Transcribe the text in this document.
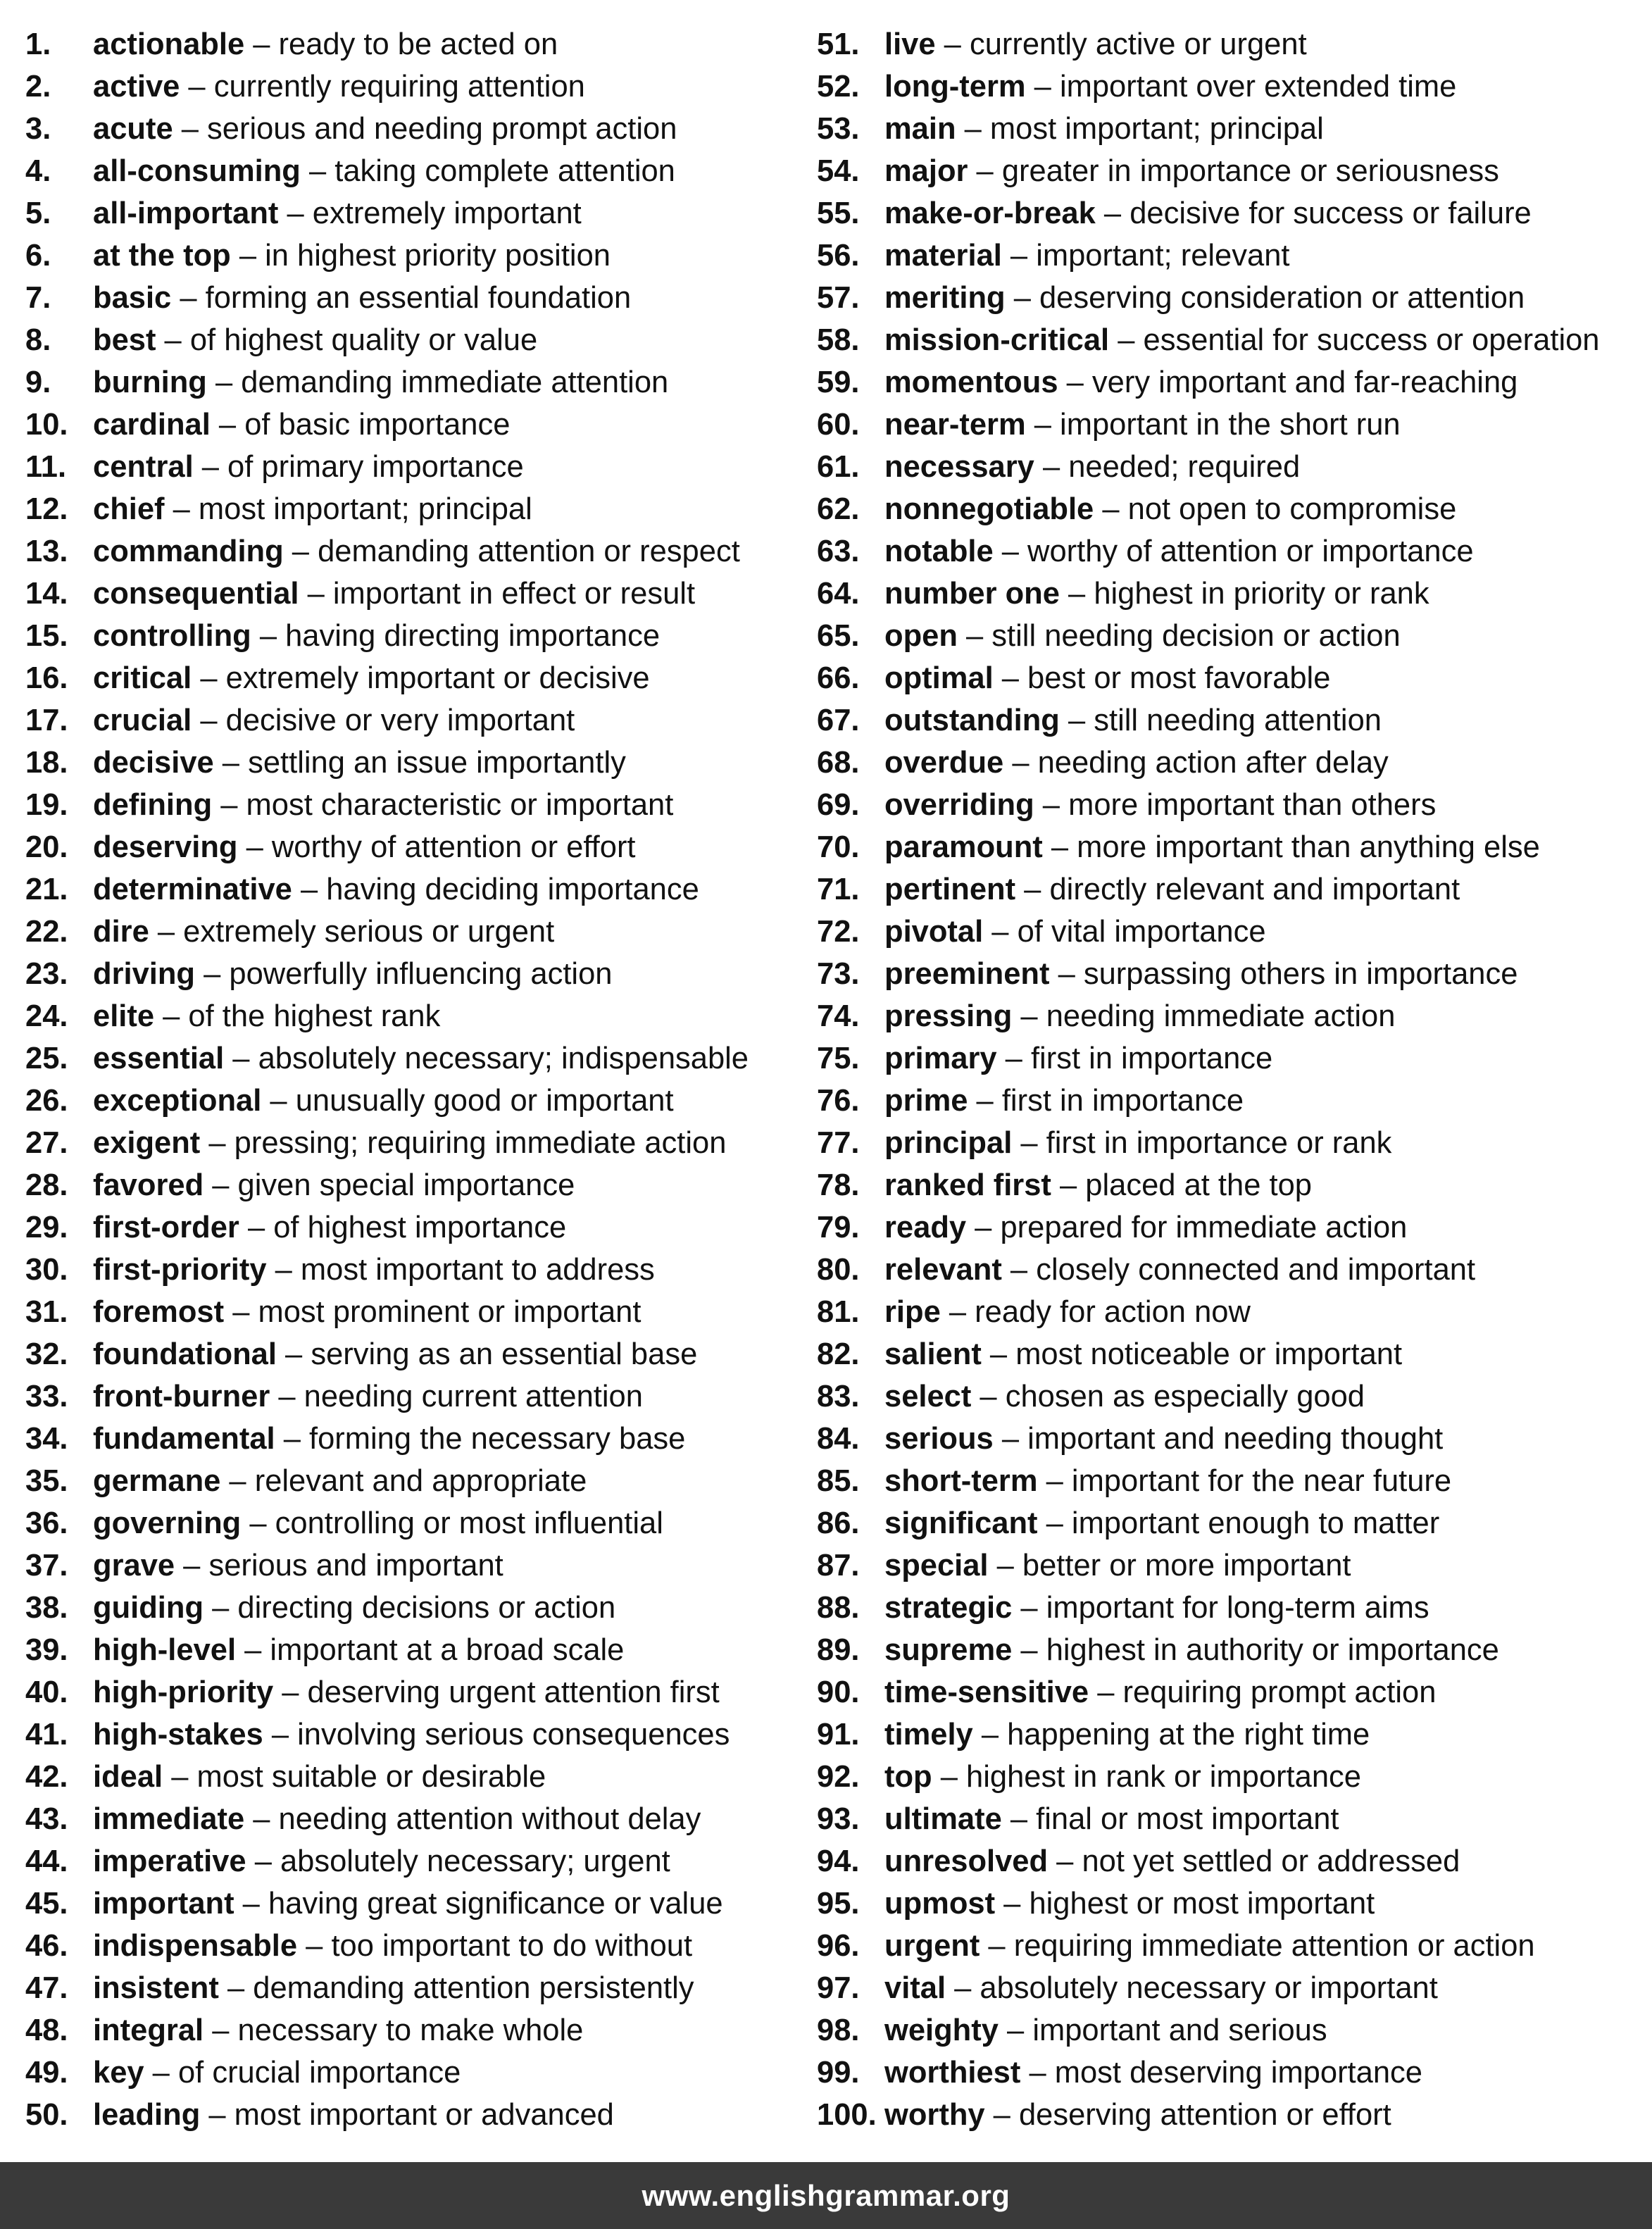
1.	actionable – ready to be acted on
2.	active – currently requiring attention
3.	acute – serious and needing prompt action
4.	all-consuming – taking complete attention
5.	all-important – extremely important
6.	at the top – in highest priority position
7.	basic – forming an essential foundation
8.	best – of highest quality or value
9.	burning – demanding immediate attention
10. cardinal – of basic importance
11. central – of primary importance
12. chief – most important; principal
13. commanding – demanding attention or respect
14. consequential – important in effect or result
15. controlling – having directing importance
16. critical – extremely important or decisive
17. crucial – decisive or very important
18. decisive – settling an issue importantly
19. defining – most characteristic or important
20. deserving – worthy of attention or effort
21. determinative – having deciding importance
22. dire – extremely serious or urgent
23. driving – powerfully influencing action
24. elite – of the highest rank
25. essential – absolutely necessary; indispensable
26. exceptional – unusually good or important
27. exigent – pressing; requiring immediate action
28. favored – given special importance
29. first-order – of highest importance
30. first-priority – most important to address
31. foremost – most prominent or important
32. foundational – serving as an essential base
33. front-burner – needing current attention
34. fundamental – forming the necessary base
35. germane – relevant and appropriate
36. governing – controlling or most influential
37. grave – serious and important
38. guiding – directing decisions or action
39. high-level – important at a broad scale
40. high-priority – deserving urgent attention first
41. high-stakes – involving serious consequences
42. ideal – most suitable or desirable
43. immediate – needing attention without delay
44. imperative – absolutely necessary; urgent
45. important – having great significance or value
46. indispensable – too important to do without
47. insistent – demanding attention persistently
48. integral – necessary to make whole
49. key – of crucial importance
50. leading – most important or advanced
51. live – currently active or urgent
52. long-term – important over extended time
53. main – most important; principal
54. major – greater in importance or seriousness
55. make-or-break – decisive for success or failure
56. material – important; relevant
57. meriting – deserving consideration or attention
58. mission-critical – essential for success or operation
59. momentous – very important and far-reaching
60. near-term – important in the short run
61. necessary – needed; required
62. nonnegotiable – not open to compromise
63. notable – worthy of attention or importance
64. number one – highest in priority or rank
65. open – still needing decision or action
66. optimal – best or most favorable
67. outstanding – still needing attention
68. overdue – needing action after delay
69. overriding – more important than others
70. paramount – more important than anything else
71. pertinent – directly relevant and important
72. pivotal – of vital importance
73. preeminent – surpassing others in importance
74. pressing – needing immediate action
75. primary – first in importance
76. prime – first in importance
77. principal – first in importance or rank
78. ranked first – placed at the top
79. ready – prepared for immediate action
80. relevant – closely connected and important
81. ripe – ready for action now
82. salient – most noticeable or important
83. select – chosen as especially good
84. serious – important and needing thought
85. short-term – important for the near future
86. significant – important enough to matter
87. special – better or more important
88. strategic – important for long-term aims
89. supreme – highest in authority or importance
90. time-sensitive – requiring prompt action
91. timely – happening at the right time
92. top – highest in rank or importance
93. ultimate – final or most important
94. unresolved – not yet settled or addressed
95. upmost – highest or most important
96. urgent – requiring immediate attention or action
97. vital – absolutely necessary or important
98. weighty – important and serious
99. worthiest – most deserving importance
100. worthy – deserving attention or effort
www.englishgrammar.org
